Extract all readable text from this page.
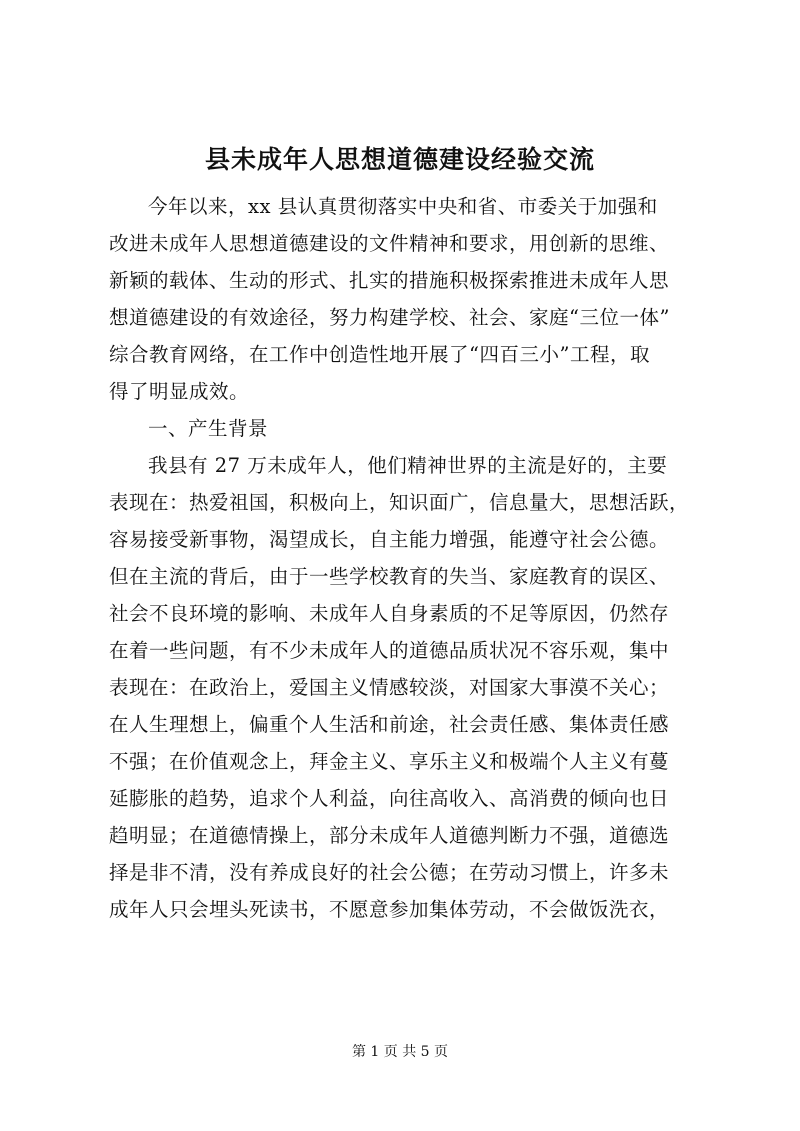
县未成年人思想道德建设经验交流
今年以来，xx 县认真贯彻落实中央和省、市委关于加强和
改进未成年人思想道德建设的文件精神和要求，用创新的思维、
新颖的载体、生动的形式、扎实的措施积极探索推进未成年人思
想道德建设的有效途径，努力构建学校、社会、家庭“三位一体”
综合教育网络，在工作中创造性地开展了“四百三小”工程，取
得了明显成效。
一、产生背景
我县有 27 万未成年人，他们精神世界的主流是好的，主要
表现在：热爱祖国，积极向上，知识面广，信息量大，思想活跃，
容易接受新事物，渴望成长，自主能力增强，能遵守社会公德。
但在主流的背后，由于一些学校教育的失当、家庭教育的误区、
社会不良环境的影响、未成年人自身素质的不足等原因，仍然存
在着一些问题，有不少未成年人的道德品质状况不容乐观，集中
表现在：在政治上，爱国主义情感较淡，对国家大事漠不关心；
在人生理想上，偏重个人生活和前途，社会责任感、集体责任感
不强；在价值观念上，拜金主义、享乐主义和极端个人主义有蔓
延膨胀的趋势，追求个人利益，向往高收入、高消费的倾向也日
趋明显；在道德情操上，部分未成年人道德判断力不强，道德选
择是非不清，没有养成良好的社会公德；在劳动习惯上，许多未
成年人只会埋头死读书，不愿意参加集体劳动，不会做饭洗衣，
第 1 页 共 5 页
